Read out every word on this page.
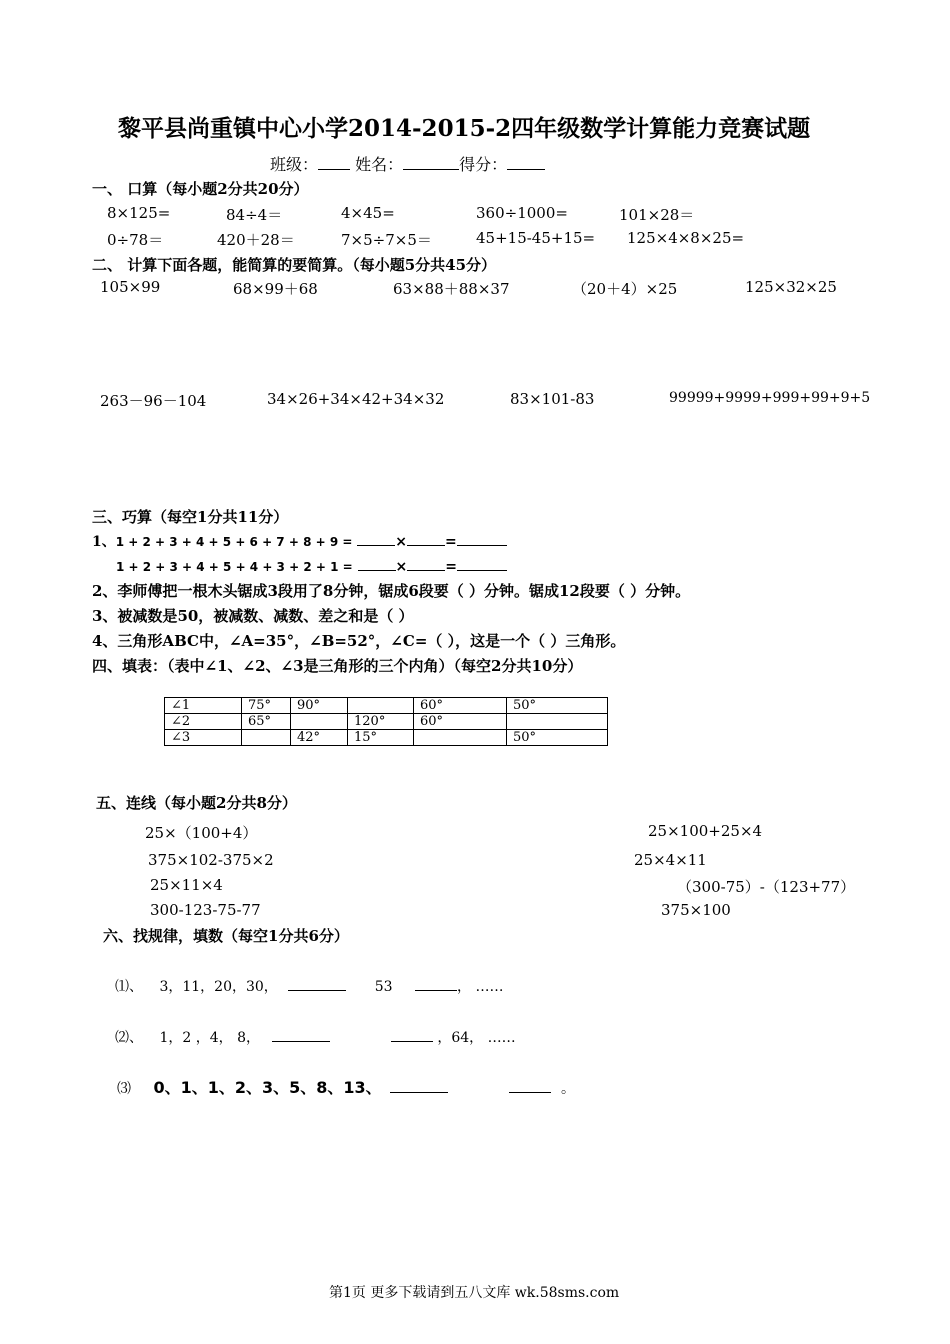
黎平县尚重镇中心小学2014-2015-2四年级数学计算能力竞赛试题
班级： 姓名：	得分：
一、 口算（每小题2分共20分）
8×125=	84÷4＝	4×45=	360÷1000=	101×28＝
0÷78＝	420＋28＝	7×5÷7×5＝	45+15-45+15= 125×4×8×25=
二、 计算下面各题，能简算的要简算。（每小题5分共45分）
105×99	68×99＋68	63×88＋88×37	（20＋4）×25	125×32×25
263－96－104	34×26+34×42+34×32	83×101-83	99999+9999+999+99+9+5
三、巧算（每空1分共11分）
1、1 + 2 + 3 + 4 + 5 + 6 + 7 + 8 + 9 =	×	=
1 + 2 + 3 + 4 + 5 + 4 + 3 + 2 + 1 =	×	=
2、李师傅把一根木头锯成3段用了8分钟，锯成6段要（ ）分钟。锯成12段要（ ）分钟。
3、被减数是50，被减数、减数、差之和是（ ）
4、三角形ABC中，∠A=35°，∠B=52°，∠C=（ ），这是一个（ ）三角形。
四、填表：（表中∠1、∠2、∠3是三角形的三个内角）（每空2分共10分）
∠1	75°	90°		60°	50°
∠2	65°		120°	60°	
∠3		42°	15°		50°
五、连线（每小题2分共8分）
25×（100+4）
375×102-375×2
25×11×4
300-123-75-77
25×100+25×4
25×4×11
（300-75）-（123+77）
375×100
六、找规律，填数（每空1分共6分）
⑴、 3，11，20，30，	53	， ……
⑵、 1，2 ，4， 8，	，64， ……
⑶ 0、1、1、2、3、5、8、13、	。
第1页 更多下载请到五八文库 wk.58sms.com
